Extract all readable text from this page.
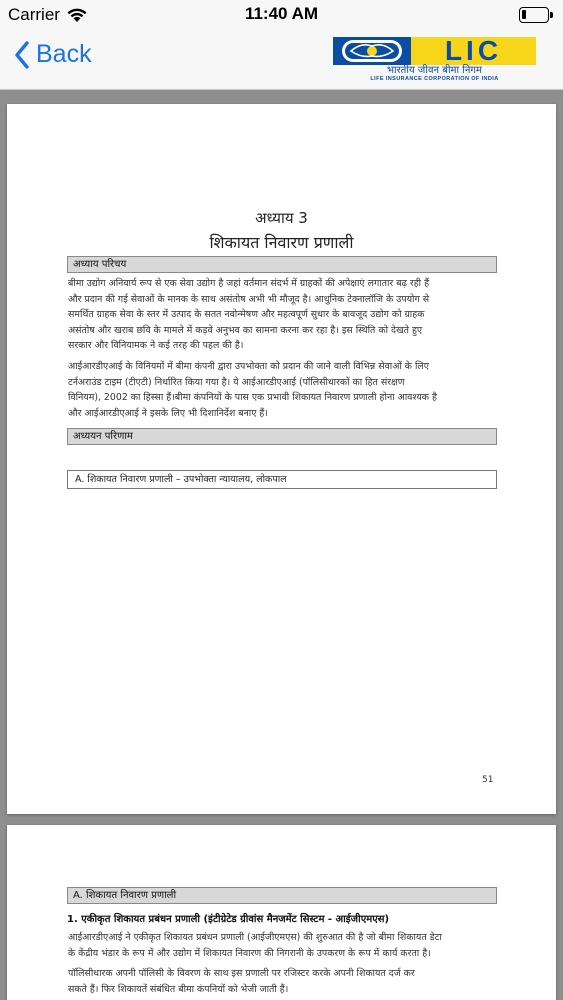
Carrier	11:40 AM
Back	LIC
भारतीय जीवन बीमा निगम
LIFE INSURANCE CORPORATION OF INDIA
अध्याय 3
शिकायत निवारण प्रणाली
अध्याय परिचय
बीमा उद्योग अनिवार्य रूप से एक सेवा उद्योग है जहां वर्तमान संदर्भ में ग्राहकों की अपेक्षाएं लगातार बढ़ रही हैं
और प्रदान की गई सेवाओं के मानक के साथ असंतोष अभी भी मौजूद है। आधुनिक टेक्नालॉजि के उपयोग से
समर्थित ग्राहक सेवा के स्तर में उत्पाद के सतत नवोन्मेषण और महत्वपूर्ण सुधार के बावजूद उद्योग को ग्राहक
असंतोष और खराब छवि के मामले में कड़वे अनुभव का सामना करना कर रहा है। इस स्थिति को देखते हुए
सरकार और विनियामक ने कई तरह की पहल की है।
आईआरडीएआई के विनियमों में बीमा कंपनी द्वारा उपभोक्ता को प्रदान की जाने वाली विभिन्न सेवाओं के लिए
टर्नअराउंड टाइम (टीएटी) निर्धारित किया गया है। ये आईआरडीएआई (पॉलिसीधारकों का हित संरक्षण
विनियम), 2002 का हिस्सा हैं।बीमा कंपनियों के पास एक प्रभावी शिकायत निवारण प्रणाली होना आवश्यक है
और आईआरडीएआई ने इसके लिए भी दिशानिर्देश बनाए हैं।
अध्ययन परिणाम
A. शिकायत निवारण प्रणाली – उपभोक्ता न्यायालय, लोकपाल
51
A. शिकायत निवारण प्रणाली
1. एकीकृत शिकायत प्रबंधन प्रणाली (इंटीग्रेटेड ग्रीवांस मैनजमेंट सिस्टम - आईजीएमएस)
आईआरडीएआई ने एकीकृत शिकायत प्रबंधन प्रणाली (आईजीएमएस) की शुरुआत की है जो बीमा शिकायत डेटा
के केंद्रीय भंडार के रूप में और उद्योग में शिकायत निवारण की निगरानी के उपकरण के रूप में कार्य करता है।
पॉलिसीधारक अपनी पॉलिसी के विवरण के साथ इस प्रणाली पर रजिस्टर करके अपनी शिकायत दर्ज कर
सकते हैं। फिर शिकायतें संबंधित बीमा कंपनियों को भेजी जाती हैं।
